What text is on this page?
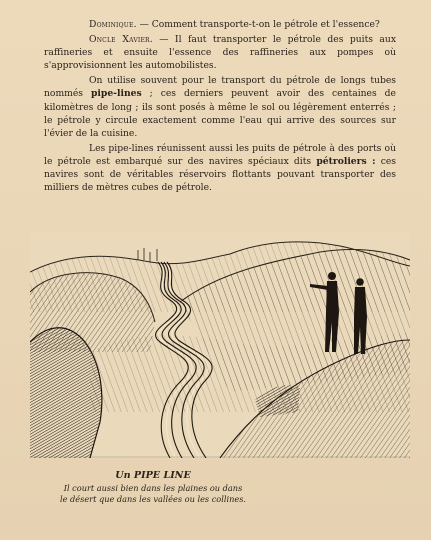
Dominique. — Comment transporte-t-on le pétrole et l'essence?

Oncle Xavier. — Il faut transporter le pétrole des puits aux raffineries et ensuite l'essence des raffineries aux pompes où s'approvisionnent les automobilistes.

On utilise souvent pour le transport du pétrole de longs tubes nommés pipe-lines ; ces derniers peuvent avoir des centaines de kilomètres de long ; ils sont posés à même le sol ou légèrement enterrés ; le pétrole y circule exactement comme l'eau qui arrive des sources sur l'évier de la cuisine.

Les pipe-lines réunissent aussi les puits de pétrole à des ports où le pétrole est embarqué sur des navires spéciaux dits pétroliers : ces navires sont de véritables réservoirs flottants pouvant transporter des milliers de mètres cubes de pétrole.

Un PIPE LINE
Il court aussi bien dans les plaines ou dans
le désert que dans les vallées ou les collines.
